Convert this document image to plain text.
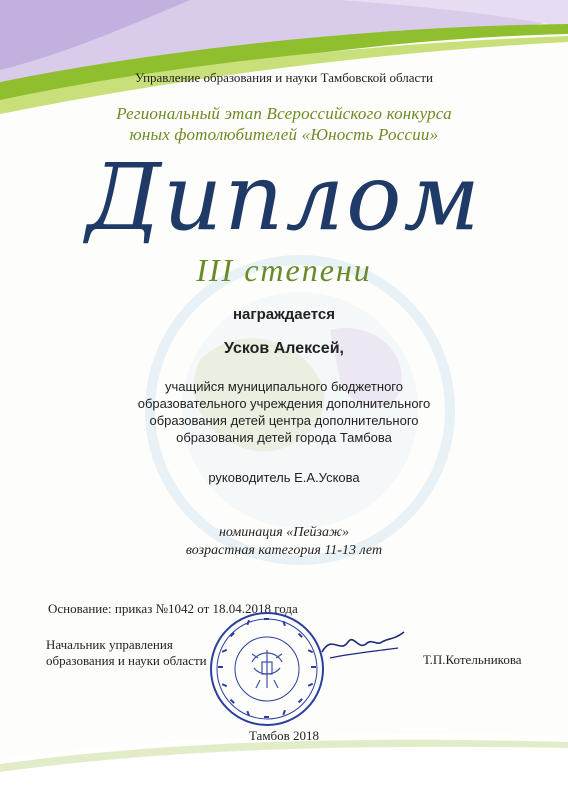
Управление образования и науки Тамбовской области
Региональный этап Всероссийского конкурса
юных фотолюбителей «Юность России»
Диплом
III степени
награждается
Усков Алексей,
учащийся муниципального бюджетного
образовательного учреждения дополнительного
образования детей центра дополнительного
образования детей города Тамбова
руководитель Е.А.Ускова
номинация «Пейзаж»
возрастная категория 11-13 лет
Основание: приказ №1042 от 18.04.2018 года
Начальник управления
образования и науки области	Т.П.Котельникова
Тамбов 2018
